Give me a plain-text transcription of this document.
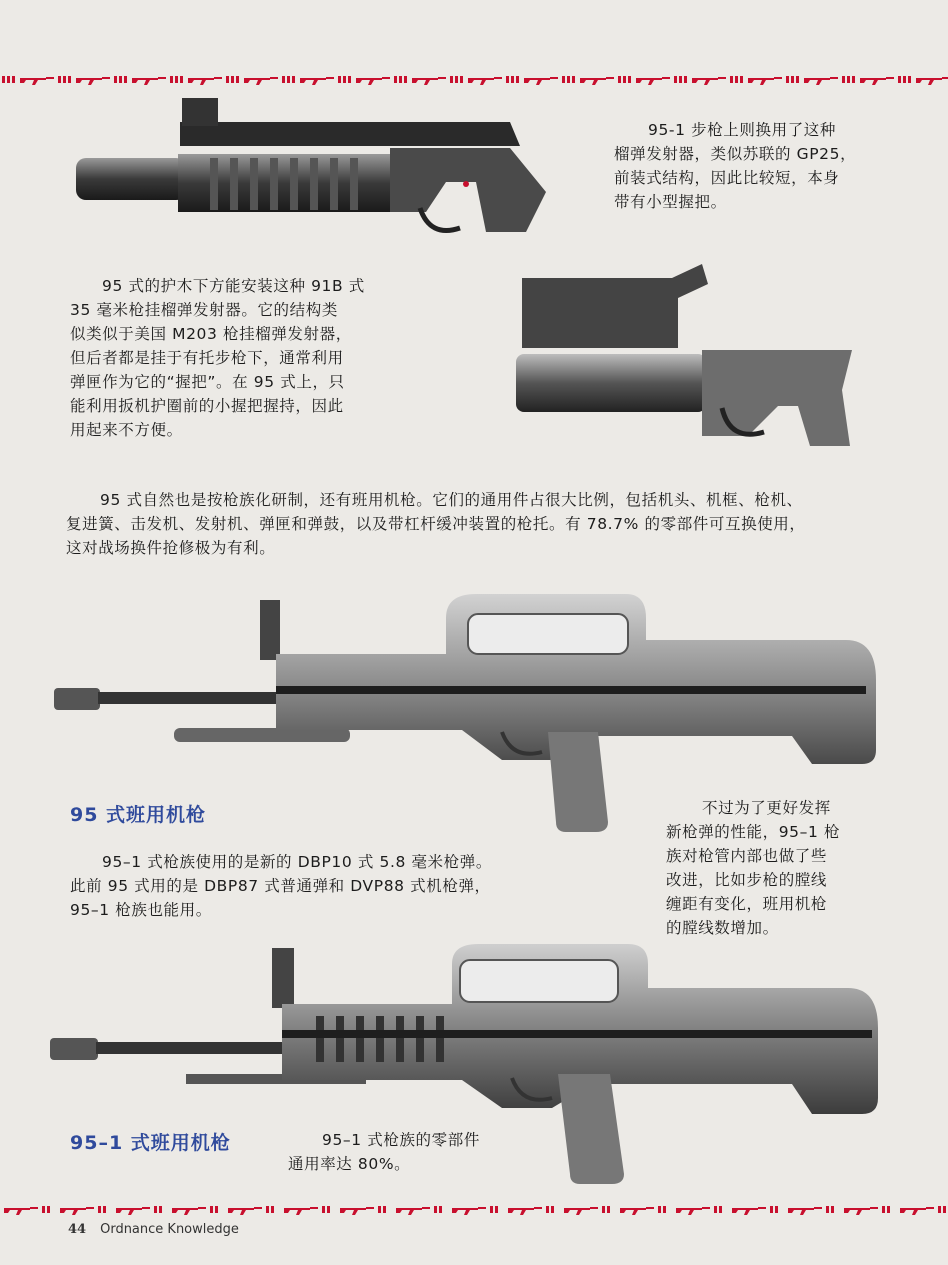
95-1 步枪上则换用了这种
榴弹发射器，类似苏联的 GP25，
前装式结构，因此比较短，本身
带有小型握把。
95 式的护木下方能安装这种 91B 式
35 毫米枪挂榴弹发射器。它的结构类
似类似于美国 M203 枪挂榴弹发射器，
但后者都是挂于有托步枪下，通常利用
弹匣作为它的“握把”。在 95 式上，只
能利用扳机护圈前的小握把握持，因此
用起来不方便。
95 式自然也是按枪族化研制，还有班用机枪。它们的通用件占很大比例，包括机头、机框、枪机、
复进簧、击发机、发射机、弹匣和弹鼓，以及带杠杆缓冲装置的枪托。有 78.7% 的零部件可互换使用，
这对战场换件抢修极为有利。
95 式班用机枪
95–1 式枪族使用的是新的 DBP10 式 5.8 毫米枪弹。
此前 95 式用的是 DBP87 式普通弹和 DVP88 式机枪弹，
95–1 枪族也能用。
不过为了更好发挥
新枪弹的性能，95–1 枪
族对枪管内部也做了些
改进，比如步枪的膛线
缠距有变化，班用机枪
的膛线数增加。
95–1 式班用机枪	95–1 式枪族的零部件
通用率达 80%。
44 Ordnance Knowledge
